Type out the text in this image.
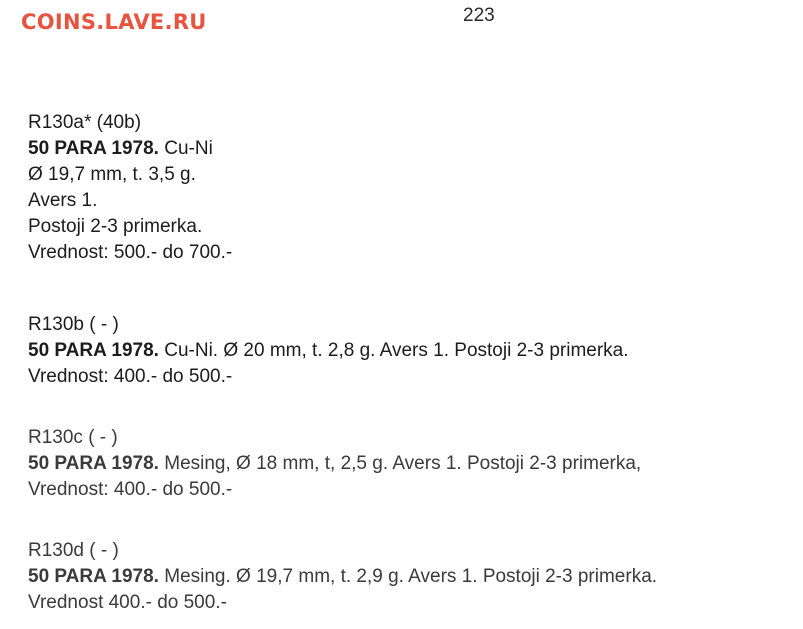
COINS.LAVE.RU	223
R130a* (40b)
50 PARA 1978. Cu-Ni
Ø 19,7 mm, t. 3,5 g.
Avers 1.
Postoji 2-3 primerka.
Vrednost: 500.- do 700.-
R130b ( - )
50 PARA 1978. Cu-Ni. Ø 20 mm, t. 2,8 g. Avers 1. Postoji 2-3 primerka.
Vrednost: 400.- do 500.-
R130c ( - )
50 PARA 1978. Mesing, Ø 18 mm, t, 2,5 g. Avers 1. Postoji 2-3 primerka,
Vrednost: 400.- do 500.-
R130d ( - )
50 PARA 1978. Mesing. Ø 19,7 mm, t. 2,9 g. Avers 1. Postoji 2-3 primerka.
Vrednost 400.- do 500.-
